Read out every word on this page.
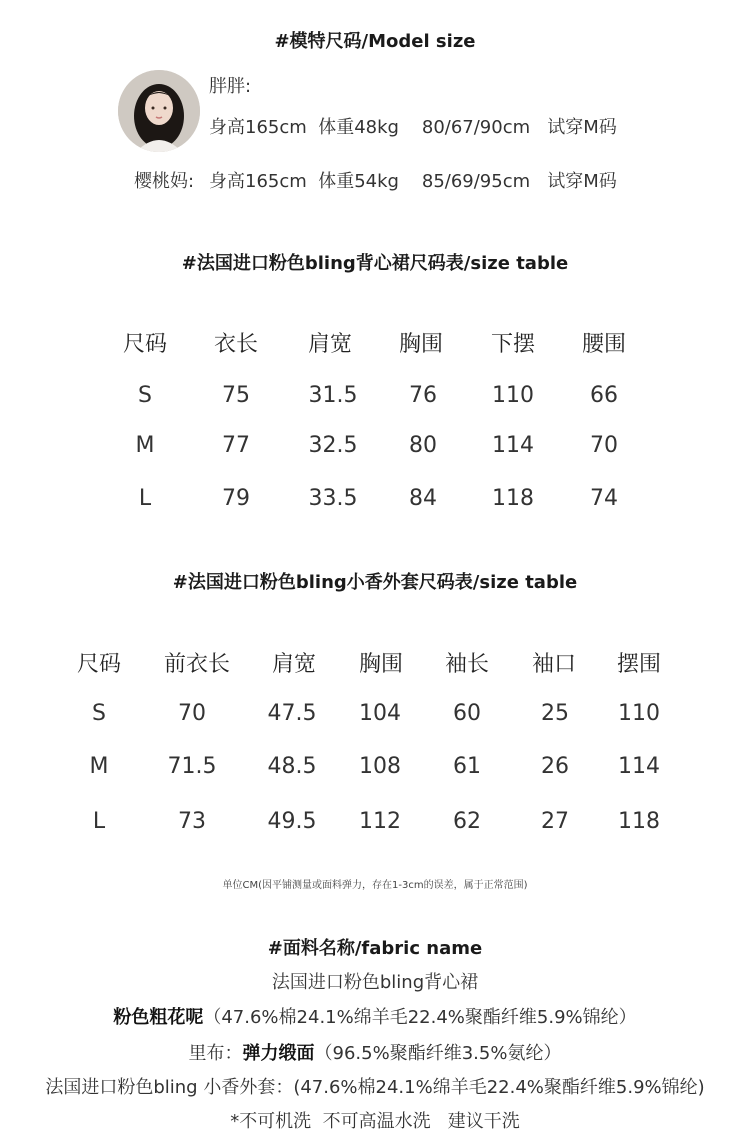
#模特尺码/Model size
胖胖:
身高165cm  体重48kg    80/67/90cm   试穿M码
樱桃妈: 身高165cm  体重54kg    85/69/95cm   试穿M码
#法国进口粉色bling背心裙尺码表/size table
尺码	衣长	肩宽	胸围	下摆	腰围
S	75	31.5	76	110	66
M	77	32.5	80	114	70
L	79	33.5	84	118	74
#法国进口粉色bling小香外套尺码表/size table
尺码	前衣长	肩宽	胸围	袖长	袖口	摆围
S	70	47.5	104	60	25	110
M	71.5	48.5	108	61	26	114
L	73	49.5	112	62	27	118
单位CM(因平铺测量或面料弹力，存在1-3cm的误差，属于正常范围)
#面料名称/fabric name
法国进口粉色bling背心裙
粉色粗花呢（47.6%棉24.1%绵羊毛22.4%聚酯纤维5.9%锦纶）
里布：弹力缎面（96.5%聚酯纤维3.5%氨纶）
法国进口粉色bling 小香外套：(47.6%棉24.1%绵羊毛22.4%聚酯纤维5.9%锦纶)
*不可机洗  不可高温水洗   建议干洗
